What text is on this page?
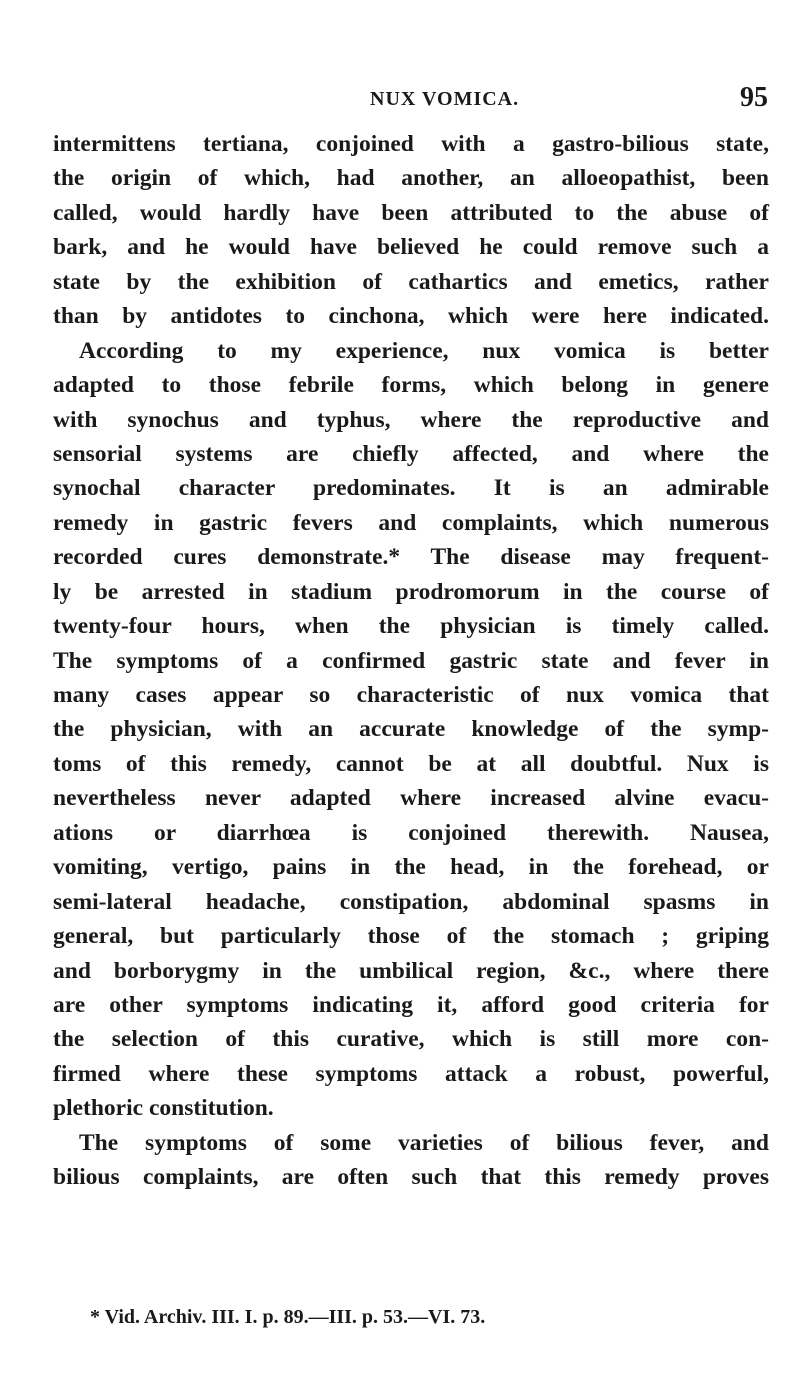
NUX VOMICA.	95
intermittens tertiana, conjoined with a gastro-bilious state,
the origin of which, had another, an alloeopathist, been
called, would hardly have been attributed to the abuse of
bark, and he would have believed he could remove such a
state by the exhibition of cathartics and emetics, rather
than by antidotes to cinchona, which were here indicated.
According to my experience, nux vomica is better
adapted to those febrile forms, which belong in genere
with synochus and typhus, where the reproductive and
sensorial systems are chiefly affected, and where the
synochal character predominates. It is an admirable
remedy in gastric fevers and complaints, which numerous
recorded cures demonstrate.* The disease may frequent-
ly be arrested in stadium prodromorum in the course of
twenty-four hours, when the physician is timely called.
The symptoms of a confirmed gastric state and fever in
many cases appear so characteristic of nux vomica that
the physician, with an accurate knowledge of the symp-
toms of this remedy, cannot be at all doubtful. Nux is
nevertheless never adapted where increased alvine evacu-
ations or diarrhœa is conjoined therewith. Nausea,
vomiting, vertigo, pains in the head, in the forehead, or
semi-lateral headache, constipation, abdominal spasms in
general, but particularly those of the stomach ; griping
and borborygmy in the umbilical region, &c., where there
are other symptoms indicating it, afford good criteria for
the selection of this curative, which is still more con-
firmed where these symptoms attack a robust, powerful,
plethoric constitution.
The symptoms of some varieties of bilious fever, and
bilious complaints, are often such that this remedy proves
* Vid. Archiv. III. I. p. 89.—III. p. 53.—VI. 73.
